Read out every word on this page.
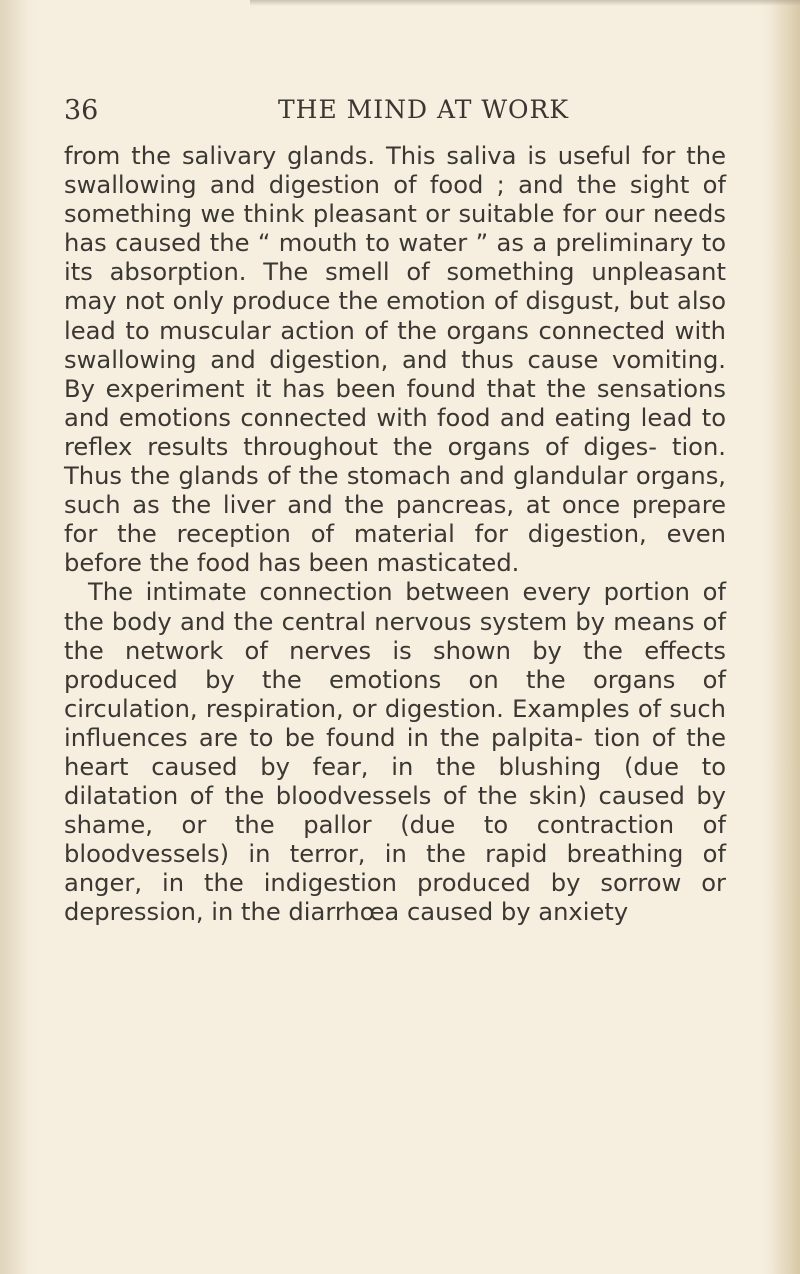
36	THE MIND AT WORK

from the salivary glands. This saliva is useful for the swallowing and digestion of food ; and the sight of something we think pleasant or suitable for our needs has caused the “ mouth to water ” as a preliminary to its absorption. The smell of something unpleasant may not only produce the emotion of disgust, but also lead to muscular action of the organs connected with swallowing and digestion, and thus cause vomiting. By experiment it has been found that the sensations and emotions connected with food and eating lead to reflex results throughout the organs of diges- tion. Thus the glands of the stomach and glandular organs, such as the liver and the pancreas, at once prepare for the reception of material for digestion, even before the food has been masticated.

The intimate connection between every portion of the body and the central nervous system by means of the network of nerves is shown by the effects produced by the emotions on the organs of circulation, respiration, or digestion. Examples of such influences are to be found in the palpita- tion of the heart caused by fear, in the blushing (due to dilatation of the bloodvessels of the skin) caused by shame, or the pallor (due to contraction of bloodvessels) in terror, in the rapid breathing of anger, in the indigestion produced by sorrow or depression, in the diarrhœa caused by anxiety
